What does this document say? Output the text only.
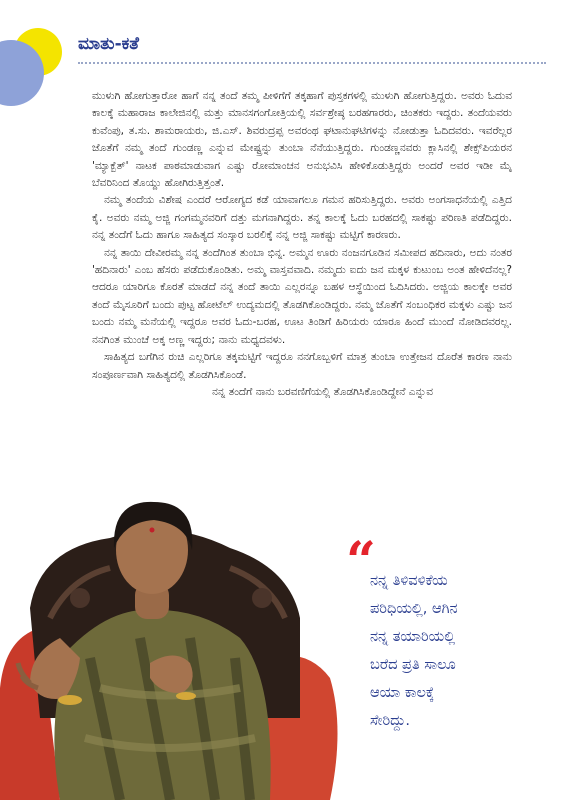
ಮಾತು-ಕತೆ

ಮುಳುಗಿ ಹೋಗುತ್ತಾರೋ ಹಾಗೆ ನನ್ನ ತಂದೆ ತಮ್ಮ ಪೀಳಿಗೆಗೆ ತಕ್ಕಹಾಗೆ ಪುಸ್ತಕಗಳಲ್ಲಿ ಮುಳುಗಿ ಹೋಗುತ್ತಿದ್ದರು. ಅವರು ಓದುವ ಕಾಲಕ್ಕೆ ಮಹಾರಾಜ ಕಾಲೇಜಿನಲ್ಲಿ ಮತ್ತು ಮಾನಸಗಂಗೋತ್ರಿಯಲ್ಲಿ ಸರ್ವಶ್ರೇಷ್ಠ ಬರಹಗಾರರು, ಚಿಂತಕರು ಇದ್ದರು. ತಂದೆಯವರು ಕುವೆಂಪು, ತ.ಸು. ಶಾಮರಾಯರು, ಜಿ.ಎಸ್. ಶಿವರುದ್ರಪ್ಪ ಅವರಂಥ ಘಟಾನುಘಟಿಗಳನ್ನು ನೋಡುತ್ತಾ ಓದಿದವರು. ಇವರೆಲ್ಲರ ಜೊತೆಗೆ ನಮ್ಮ ತಂದೆ ಗುಂಡಣ್ಣ ಎನ್ನುವ ಮೇಷ್ಟ್ರನ್ನು ತುಂಬಾ ನೆನೆಯುತ್ತಿದ್ದರು. ಗುಂಡಣ್ಣನವರು ಕ್ಲಾಸಿನಲ್ಲಿ ಶೇಕ್ಸ್‌ಪಿಯರನ 'ಮ್ಯಾಕ್ಬೆತ್' ನಾಟಕ ಪಾಠಮಾಡುವಾಗ ಎಷ್ಟು ರೋಮಾಂಚನ ಅನುಭವಿಸಿ ಹೇಳಿಕೊಡುತ್ತಿದ್ದರು ಅಂದರೆ ಅವರ ಇಡೀ ಮೈ ಬೆವರಿನಿಂದ ತೊಯ್ದು ಹೋಗಿರುತ್ತಿತ್ತಂತೆ.

ನಮ್ಮ ತಂದೆಯ ವಿಶೇಷ ಎಂದರೆ ಆರೋಗ್ಯದ ಕಡೆ ಯಾವಾಗಲೂ ಗಮನ ಹರಿಸುತ್ತಿದ್ದರು. ಅವರು ಅಂಗಸಾಧನೆಯಲ್ಲಿ ಎತ್ತಿದ ಕೈ. ಅವರು ನಮ್ಮ ಅಜ್ಜಿ ಗಂಗಮ್ಮನವರಿಗೆ ದತ್ತು ಮಗನಾಗಿದ್ದರು. ತನ್ನ ಕಾಲಕ್ಕೆ ಓದು ಬರಹದಲ್ಲಿ ಸಾಕಷ್ಟು ಪರಿಣತಿ ಪಡೆದಿದ್ದರು. ನನ್ನ ತಂದೆಗೆ ಓದು ಹಾಗೂ ಸಾಹಿತ್ಯದ ಸಂಸ್ಕಾರ ಬರಲಿಕ್ಕೆ ನನ್ನ ಅಜ್ಜಿ ಸಾಕಷ್ಟು ಮಟ್ಟಿಗೆ ಕಾರಣರು.

ನನ್ನ ತಾಯಿ ದೇವೀರಮ್ಮ ನನ್ನ ತಂದೆಗಿಂತ ತುಂಬಾ ಭಿನ್ನ. ಅಮ್ಮನ ಊರು ನಂಜನಗೂಡಿನ ಸಮೀಪದ ಹದಿನಾರು, ಅದು ನಂತರ 'ಹದಿನಾರು' ಎಂಬ ಹೆಸರು ಪಡೆದುಕೊಂಡಿತು. ಅಮ್ಮ ವಾಸ್ತವವಾದಿ. ನಮ್ಮದು ಐದು ಜನ ಮಕ್ಕಳ ಕುಟುಂಬ ಅಂತ ಹೇಳಿದೆನಲ್ಲ? ಆದರೂ ಯಾರಿಗೂ ಕೊರತೆ ಮಾಡದೆ ನನ್ನ ತಂದೆ ತಾಯಿ ಎಲ್ಲರನ್ನೂ ಬಹಳ ಆಸ್ಥೆಯಿಂದ ಓದಿಸಿದರು. ಅಜ್ಜಿಯ ಕಾಲಕ್ಕೇ ಅವರ ತಂದೆ ಮೈಸೂರಿಗೆ ಬಂದು ಪುಟ್ಟ ಹೋಟೆಲ್ ಉದ್ಯಮದಲ್ಲಿ ತೊಡಗಿಕೊಂಡಿದ್ದರು. ನಮ್ಮ ಜೊತೆಗೆ ಸಂಬಂಧಿಕರ ಮಕ್ಕಳು ಎಷ್ಟು ಜನ ಬಂದು ನಮ್ಮ ಮನೆಯಲ್ಲಿ ಇದ್ದರೂ ಅವರ ಓದು-ಬರಹ, ಊಟ ತಿಂಡಿಗೆ ಹಿರಿಯರು ಯಾರೂ ಹಿಂದೆ ಮುಂದೆ ನೋಡಿದವರಲ್ಲ. ನನಗಿಂತ ಮುಂಚೆ ಅಕ್ಕ ಅಣ್ಣ ಇದ್ದರು; ನಾನು ಮಧ್ಯದವಳು.

ಸಾಹಿತ್ಯದ ಬಗೆಗಿನ ರುಚಿ ಎಲ್ಲರಿಗೂ ತಕ್ಕಮಟ್ಟಿಗೆ ಇದ್ದರೂ ನನಗೊಬ್ಬಳಿಗೆ ಮಾತ್ರ ತುಂಬಾ ಉತ್ತೇಜನ ದೊರೆತ ಕಾರಣ ನಾನು ಸಂಪೂರ್ಣವಾಗಿ ಸಾಹಿತ್ಯದಲ್ಲಿ ತೊಡಗಿಸಿಕೊಂಡೆ.

ನನ್ನ ತಂದೆಗೆ ನಾನು ಬರವಣಿಗೆಯಲ್ಲಿ ತೊಡಗಿಸಿಕೊಂಡಿದ್ದೇನೆ ಎನ್ನುವ

“
ನನ್ನ ತಿಳಿವಳಿಕೆಯ
ಪರಿಧಿಯಲ್ಲಿ, ಆಗಿನ
ನನ್ನ ತಯಾರಿಯಲ್ಲಿ
ಬರೆದ ಪ್ರತಿ ಸಾಲೂ
ಆಯಾ ಕಾಲಕ್ಕೆ
ಸೇರಿದ್ದು.
